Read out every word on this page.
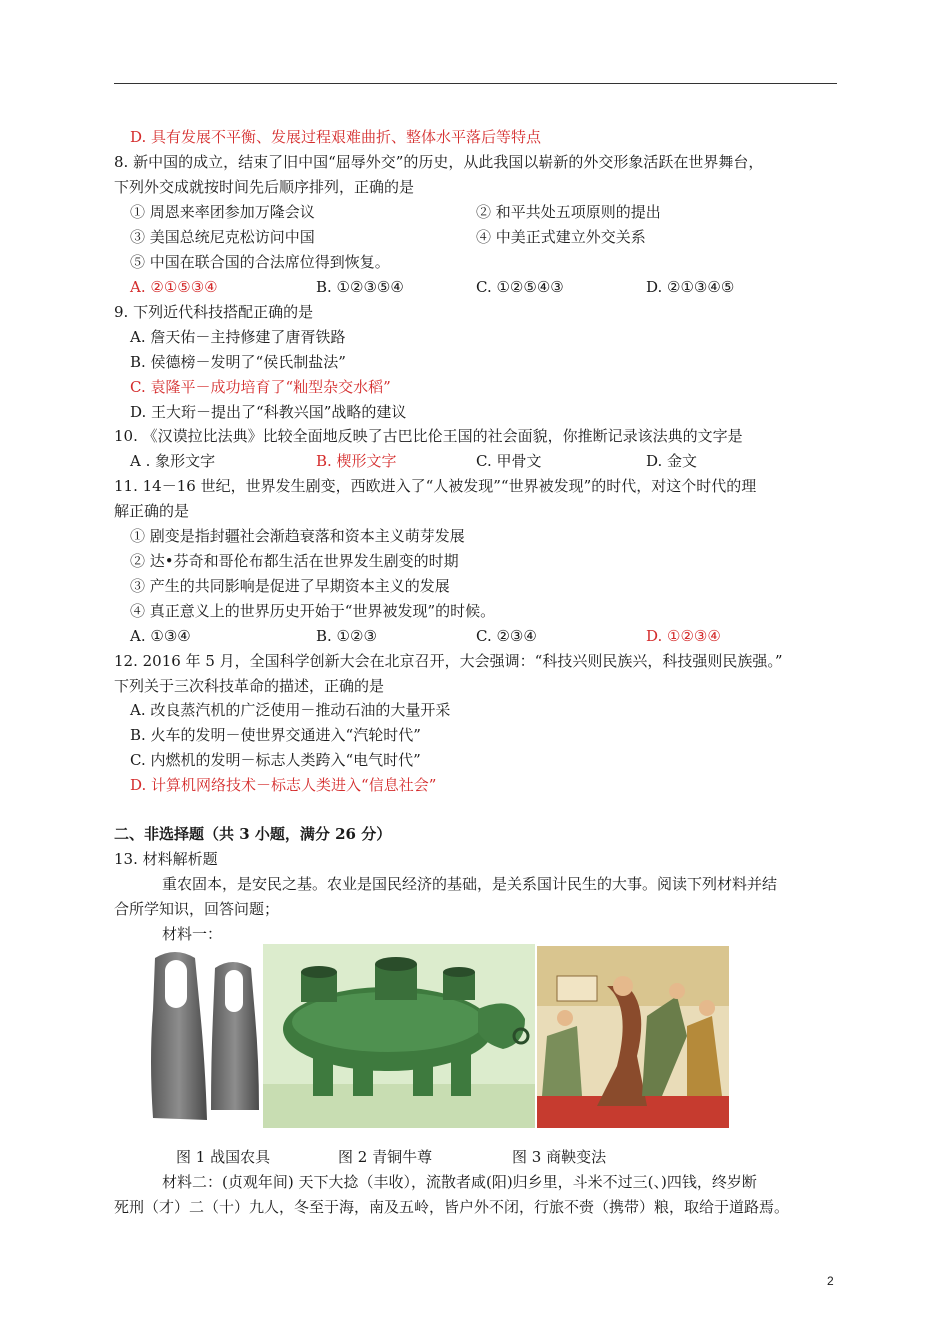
D. 具有发展不平衡、发展过程艰难曲折、整体水平落后等特点
8. 新中国的成立，结束了旧中国“屈辱外交”的历史，从此我国以崭新的外交形象活跃在世界舞台，
下列外交成就按时间先后顺序排列，正确的是
① 周恩来率团参加万隆会议	② 和平共处五项原则的提出
③ 美国总统尼克松访问中国	④ 中美正式建立外交关系
⑤ 中国在联合国的合法席位得到恢复。
A. ②①⑤③④	B. ①②③⑤④	C. ①②⑤④③	D. ②①③④⑤
9. 下列近代科技搭配正确的是
A. 詹天佑－主持修建了唐胥铁路
B. 侯德榜－发明了“侯氏制盐法”
C. 袁隆平－成功培育了“籼型杂交水稻”
D. 王大珩－提出了“科教兴国”战略的建议
10. 《汉谟拉比法典》比较全面地反映了古巴比伦王国的社会面貌，你推断记录该法典的文字是
A . 象形文字	B. 楔形文字	C. 甲骨文	D. 金文
11. 14－16 世纪，世界发生剧变，西欧进入了“人被发现”“世界被发现”的时代，对这个时代的理
解正确的是
① 剧变是指封疆社会渐趋衰落和资本主义萌芽发展
② 达•芬奇和哥伦布都生活在世界发生剧变的时期
③ 产生的共同影响是促进了早期资本主义的发展
④ 真正意义上的世界历史开始于“世界被发现”的时候。
A. ①③④	B. ①②③	C. ②③④	D. ①②③④
12. 2016 年 5 月，全国科学创新大会在北京召开，大会强调：“科技兴则民族兴，科技强则民族强。”
下列关于三次科技革命的描述，正确的是
A. 改良蒸汽机的广泛使用－推动石油的大量开采
B. 火车的发明－使世界交通进入“汽轮时代”
C. 内燃机的发明－标志人类跨入“电气时代”
D. 计算机网络技术－标志人类进入“信息社会”
二、非选择题（共 3 小题，满分 26 分）
13. 材料解析题
重农固本，是安民之基。农业是国民经济的基础，是关系国计民生的大事。阅读下列材料并结
合所学知识，回答问题；
材料一：
图 1 战国农具	图 2 青铜牛尊	图 3 商鞅变法
材料二：(贞观年间) 天下大捻（丰收），流散者咸(阳)归乡里，斗米不过三(、)四钱，终岁断
死刑（才）二（十）九人，冬至于海，南及五岭，皆户外不闭，行旅不赍（携带）粮，取给于道路焉。
2
